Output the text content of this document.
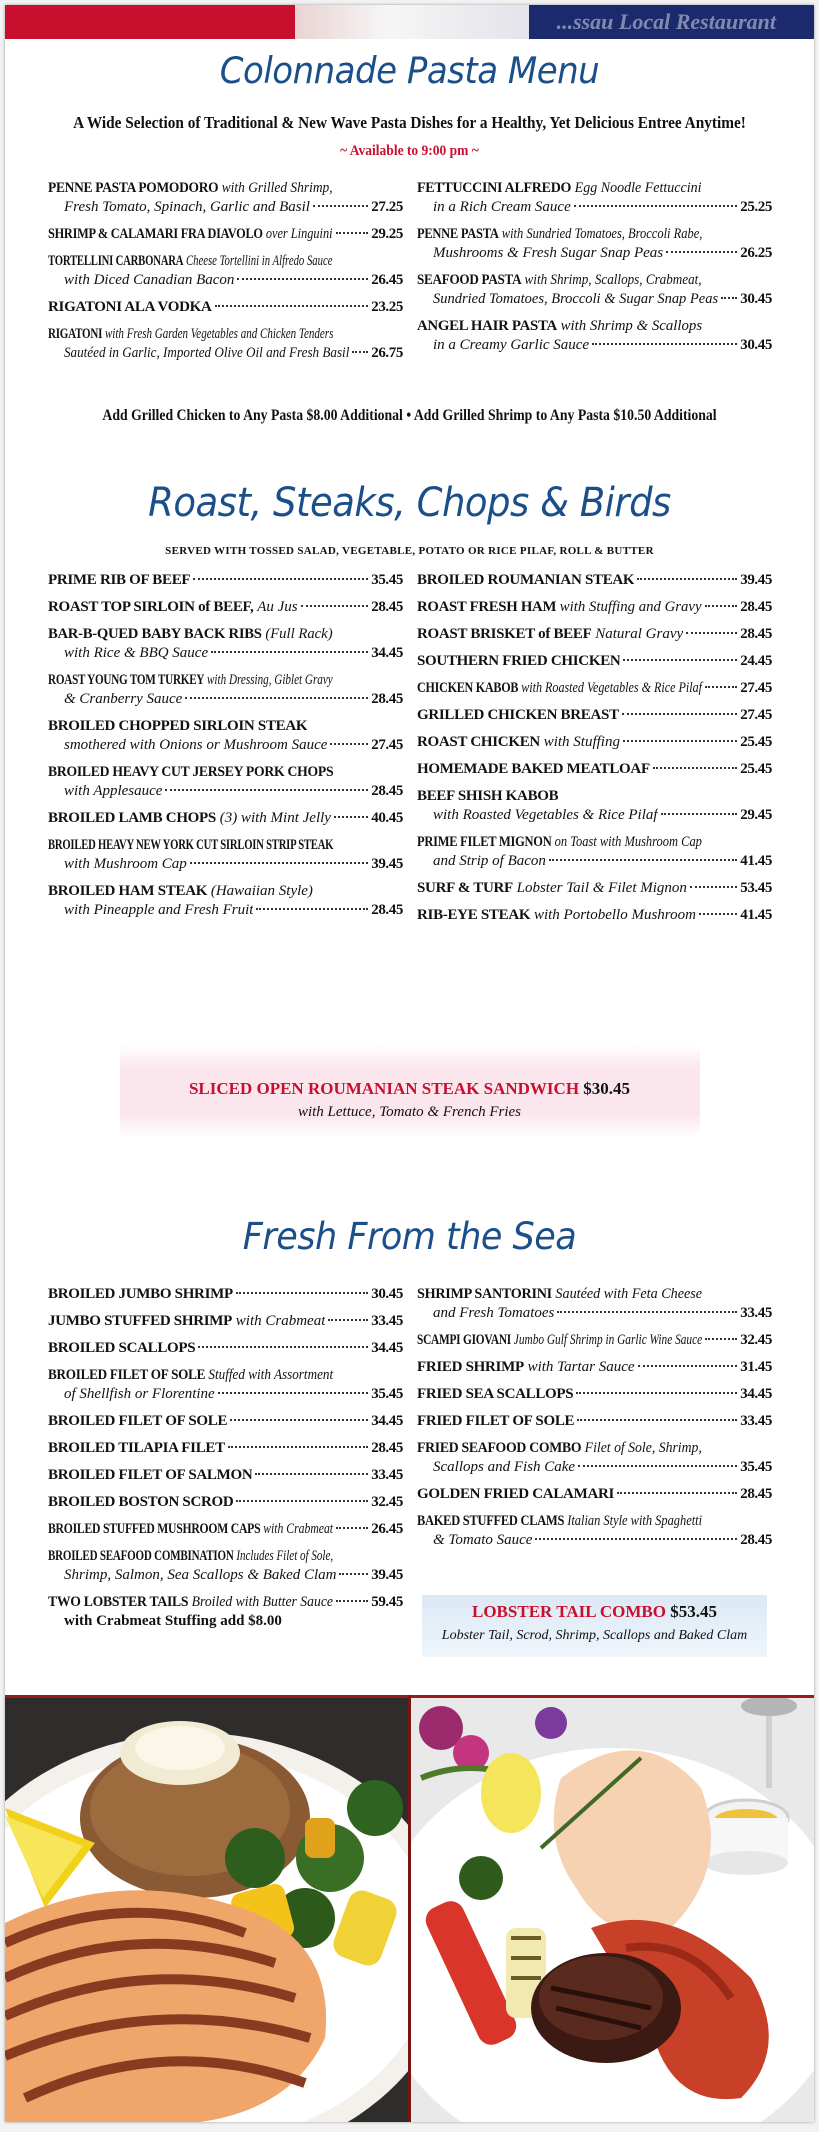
...ssau Local Restaurant
Colonnade Pasta Menu
A Wide Selection of Traditional & New Wave Pasta Dishes for a Healthy, Yet Delicious Entree Anytime!
~ Available to 9:00 pm ~
PENNE PASTA POMODORO with Grilled Shrimp,
Fresh Tomato, Spinach, Garlic and Basil	27.25
SHRIMP & CALAMARI FRA DIAVOLO over Linguini	29.25
TORTELLINI CARBONARA Cheese Tortellini in Alfredo Sauce
with Diced Canadian Bacon	26.45
RIGATONI ALA VODKA	23.25
RIGATONI with Fresh Garden Vegetables and Chicken Tenders
Sautéed in Garlic, Imported Olive Oil and Fresh Basil 26.75
FETTUCCINI ALFREDO Egg Noodle Fettuccini
in a Rich Cream Sauce	25.25
PENNE PASTA with Sundried Tomatoes, Broccoli Rabe,
Mushrooms & Fresh Sugar Snap Peas	26.25
SEAFOOD PASTA with Shrimp, Scallops, Crabmeat,
Sundried Tomatoes, Broccoli & Sugar Snap Peas 30.45
ANGEL HAIR PASTA with Shrimp & Scallops
in a Creamy Garlic Sauce	30.45
Add Grilled Chicken to Any Pasta $8.00 Additional • Add Grilled Shrimp to Any Pasta $10.50 Additional
Roast, Steaks, Chops & Birds
SERVED WITH TOSSED SALAD, VEGETABLE, POTATO OR RICE PILAF, ROLL & BUTTER
PRIME RIB OF BEEF	35.45
ROAST TOP SIRLOIN of BEEF, Au Jus	28.45
BAR-B-QUED BABY BACK RIBS (Full Rack)
with Rice & BBQ Sauce	34.45
ROAST YOUNG TOM TURKEY with Dressing, Giblet Gravy
& Cranberry Sauce	28.45
BROILED CHOPPED SIRLOIN STEAK
smothered with Onions or Mushroom Sauce	27.45
BROILED HEAVY CUT JERSEY PORK CHOPS
with Applesauce	28.45
BROILED LAMB CHOPS (3) with Mint Jelly	40.45
BROILED HEAVY NEW YORK CUT SIRLOIN STRIP STEAK
with Mushroom Cap	39.45
BROILED HAM STEAK (Hawaiian Style)
with Pineapple and Fresh Fruit	28.45
BROILED ROUMANIAN STEAK	39.45
ROAST FRESH HAM with Stuffing and Gravy	28.45
ROAST BRISKET of BEEF Natural Gravy	28.45
SOUTHERN FRIED CHICKEN	24.45
CHICKEN KABOB with Roasted Vegetables & Rice Pilaf	27.45
GRILLED CHICKEN BREAST	27.45
ROAST CHICKEN with Stuffing	25.45
HOMEMADE BAKED MEATLOAF	25.45
BEEF SHISH KABOB
with Roasted Vegetables & Rice Pilaf	29.45
PRIME FILET MIGNON on Toast with Mushroom Cap
and Strip of Bacon	41.45
SURF & TURF Lobster Tail & Filet Mignon	53.45
RIB-EYE STEAK with Portobello Mushroom	41.45
SLICED OPEN ROUMANIAN STEAK SANDWICH $30.45
with Lettuce, Tomato & French Fries
Fresh From the Sea
BROILED JUMBO SHRIMP	30.45
JUMBO STUFFED SHRIMP with Crabmeat	33.45
BROILED SCALLOPS	34.45
BROILED FILET OF SOLE Stuffed with Assortment
of Shellfish or Florentine	35.45
BROILED FILET OF SOLE	34.45
BROILED TILAPIA FILET	28.45
BROILED FILET OF SALMON	33.45
BROILED BOSTON SCROD	32.45
BROILED STUFFED MUSHROOM CAPS with Crabmeat	26.45
BROILED SEAFOOD COMBINATION Includes Filet of Sole,
Shrimp, Salmon, Sea Scallops & Baked Clam 39.45
TWO LOBSTER TAILS Broiled with Butter Sauce	59.45
with Crabmeat Stuffing add $8.00
SHRIMP SANTORINI Sautéed with Feta Cheese
and Fresh Tomatoes	33.45
SCAMPI GIOVANI Jumbo Gulf Shrimp in Garlic Wine Sauce	32.45
FRIED SHRIMP with Tartar Sauce	31.45
FRIED SEA SCALLOPS	34.45
FRIED FILET OF SOLE	33.45
FRIED SEAFOOD COMBO Filet of Sole, Shrimp,
Scallops and Fish Cake	35.45
GOLDEN FRIED CALAMARI	28.45
BAKED STUFFED CLAMS Italian Style with Spaghetti
& Tomato Sauce	28.45
LOBSTER TAIL COMBO $53.45
Lobster Tail, Scrod, Shrimp, Scallops and Baked Clam
